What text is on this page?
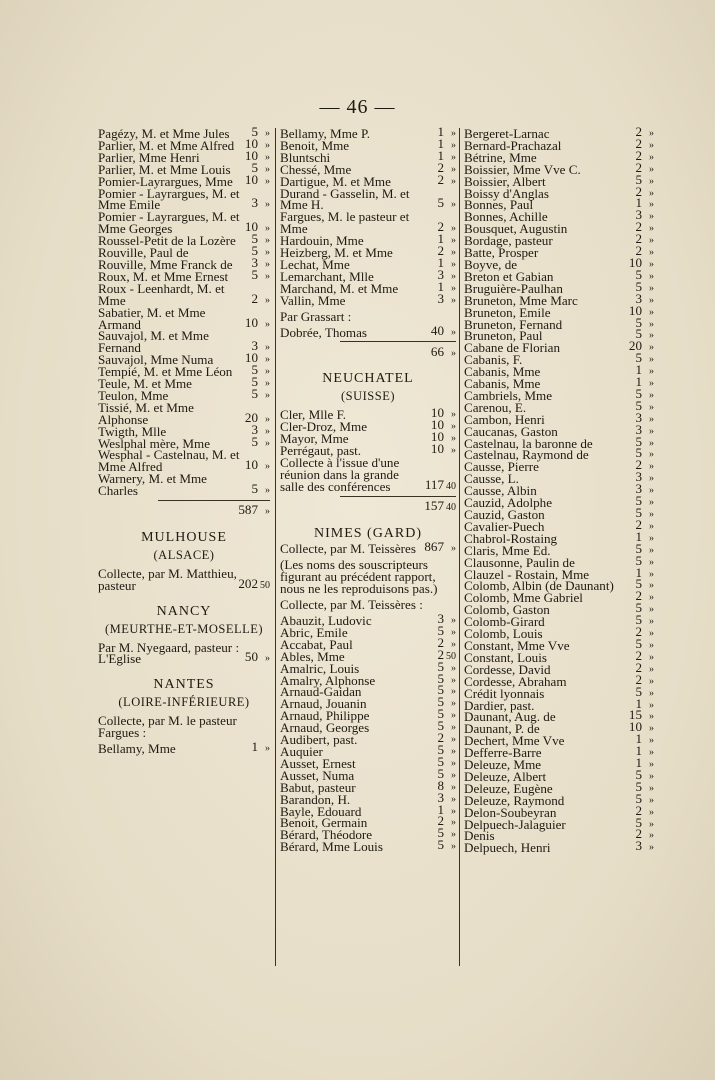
— 46 —
Pagézy, M. et Mme Jules	5 »
Parlier, M. et Mme Alfred 10 »
Parlier, Mme Henri	10 »
Parlier, M. et Mme Louis	5 »
Pomier-Layrargues, Mme 10 »
Pomier - Layrargues, M. et Mme Emile	3 »
Pomier - Layrargues, M. et Mme Georges	10 »
Roussel-Petit de la Lozère	5 »
Rouville, Paul de	5 »
Rouville, Mme Franck de	3 »
Roux, M. et Mme Ernest	5 »
Roux - Leenhardt, M. et Mme	2 »
Sabatier, M. et Mme Armand	10 »
Sauvajol, M. et Mme Fernand	3 »
Sauvajol, Mme Numa	10 »
Tempié, M. et Mme Léon	5 »
Teule, M. et Mme	5 »
Teulon, Mme	5 »
Tissié, M. et Mme Alphonse	20 »
Twigth, Mlle	3 »
Weslphal mère, Mme	5 »
Wesphal - Castelnau, M. et Mme Alfred	10 »
Warnery, M. et Mme Charles	5 »
587 »
MULHOUSE
(ALSACE)
Collecte, par M. Matthieu, pasteur	202 50
NANCY
(MEURTHE-ET-MOSELLE)
Par M. Nyegaard, pasteur : L'Eglise	50 »
NANTES
(LOIRE-INFÉRIEURE)
Collecte, par M. le pasteur Fargues :
Bellamy, Mme	1 »
Bellamy, Mme P.	1 »
Benoit, Mme	1 »
Bluntschi	1 »
Chessé, Mme	2 »
Dartigue, M. et Mme	2 »
Durand - Gasselin, M. et Mme H.	5 »
Fargues, M. le pasteur et Mme	2 »
Hardouin, Mme	1 »
Heizberg, M. et Mme	2 »
Lechat, Mme	1 »
Lemarchant, Mlle	3 »
Marchand, M. et Mme	1 »
Vallin, Mme	3 »
Par Grassart :
Dobrée, Thomas	40 »
66 »
NEUCHATEL
(SUISSE)
Cler, Mlle F.	10 »
Cler-Droz, Mme	10 »
Mayor, Mme	10 »
Perrégaut, past.	10 »
Collecte à l'issue d'une réunion dans la grande salle des conférences	117 40
157 40
NIMES (GARD)
Collecte, par M. Teissères 867 »
(Les noms des souscripteurs figurant au précédent rapport, nous ne les reproduisons pas.)
Collecte, par M. Teissères :
Abauzit, Ludovic	3 »
Abric, Emile	5 »
Accabat, Paul	2 »
Ables, Mme	2 50
Amalric, Louis	5 »
Amalry, Alphonse	5 »
Arnaud-Gaidan	5 »
Arnaud, Jouanin	5 »
Arnaud, Philippe	5 »
Arnaud, Georges	5 »
Audibert, past.	2 »
Auquier	5 »
Ausset, Ernest	5 »
Ausset, Numa	5 »
Babut, pasteur	8 »
Barandon, H.	3 »
Bayle, Edouard	1 »
Benoit, Germain	2 »
Bérard, Théodore	5 »
Bérard, Mme Louis	5 »
Bergeret-Larnac	2 »
Bernard-Prachazal	2 »
Bétrine, Mme	2 »
Boissier, Mme Vve C.	2 »
Boissier, Albert	5 »
Boissy d'Anglas	2 »
Bonnes, Paul	1 »
Bonnes, Achille	3 »
Bousquet, Augustin	2 »
Bordage, pasteur	2 »
Batte, Prosper	2 »
Boyve, de	10 »
Breton et Gabian	5 »
Bruguière-Paulhan	5 »
Bruneton, Mme Marc	3 »
Bruneton, Emile	10 »
Bruneton, Fernand	5 »
Bruneton, Paul	5 »
Cabane de Florian	20 »
Cabanis, F.	5 »
Cabanis, Mme	1 »
Cabanis, Mme	1 »
Cambriels, Mme	5 »
Carenou, E.	5 »
Cambon, Henri	3 »
Caucanas, Gaston	3 »
Castelnau, la baronne de	5 »
Castelnau, Raymond de	5 »
Causse, Pierre	2 »
Causse, L.	3 »
Causse, Albin	3 »
Cauzid, Adolphe	5 »
Cauzid, Gaston	5 »
Cavalier-Puech	2 »
Chabrol-Rostaing	1 »
Claris, Mme Ed.	5 »
Clausonne, Paulin de	5 »
Clauzel - Rostain, Mme	1 »
Colomb, Albin (de Daunant)	5 »
Colomb, Mme Gabriel	2 »
Colomb, Gaston	5 »
Colomb-Girard	5 »
Colomb, Louis	2 »
Constant, Mme Vve	5 »
Constant, Louis	2 »
Cordesse, David	2 »
Cordesse, Abraham	2 »
Crédit lyonnais	5 »
Dardier, past.	1 »
Daunant, Aug. de	15 »
Daunant, P. de	10 »
Dechert, Mme Vve	1 »
Defferre-Barre	1 »
Deleuze, Mme	1 »
Deleuze, Albert	5 »
Deleuze, Eugène	5 »
Deleuze, Raymond	5 »
Delon-Soubeyran	2 »
Delpuech-Jalaguier	5 »
Denis	2 »
Delpuech, Henri	3 »
